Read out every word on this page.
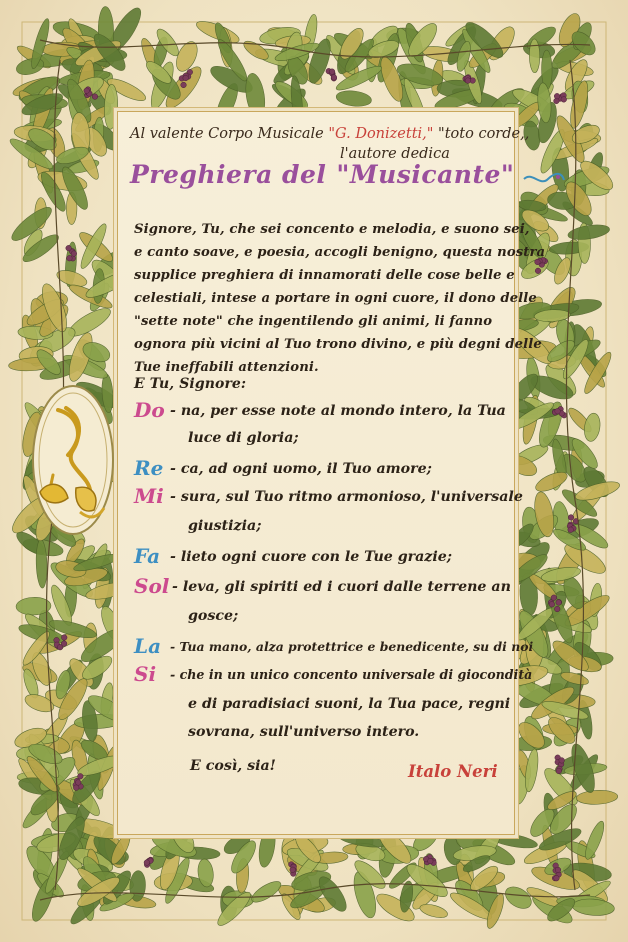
Al valente Corpo Musicale "G. Donizetti," "toto corde,,
l'autore dedica
Preghiera del "Musicante"
Signore, Tu, che sei concento e melodia, e suono sei,
e canto soave, e poesia, accogli benigno, questa nostra
supplice preghiera di innamorati delle cose belle e
celestiali, intese a portare in ogni cuore, il dono delle
"sette note" che ingentilendo gli animi, li fanno
ognora più vicini al Tuo trono divino, e più degni delle
Tue ineffabili attenzioni.
E Tu, Signore:
Do - na, per esse note al mondo intero, la Tua
luce di gloria;
Re - ca, ad ogni uomo, il Tuo amore;
Mi - sura, sul Tuo ritmo armonioso, l'universale
giustizia;
Fa - lieto ogni cuore con le Tue grazie;
Sol - leva, gli spiriti ed i cuori dalle terrene an
gosce;
La - Tua mano, alza protettrice e benedicente, su di noi
Si - che in un unico concento universale di giocondità
e di paradisiaci suoni, la Tua pace, regni
sovrana, sull'universo intero.
E così, sia!	Italo Neri
